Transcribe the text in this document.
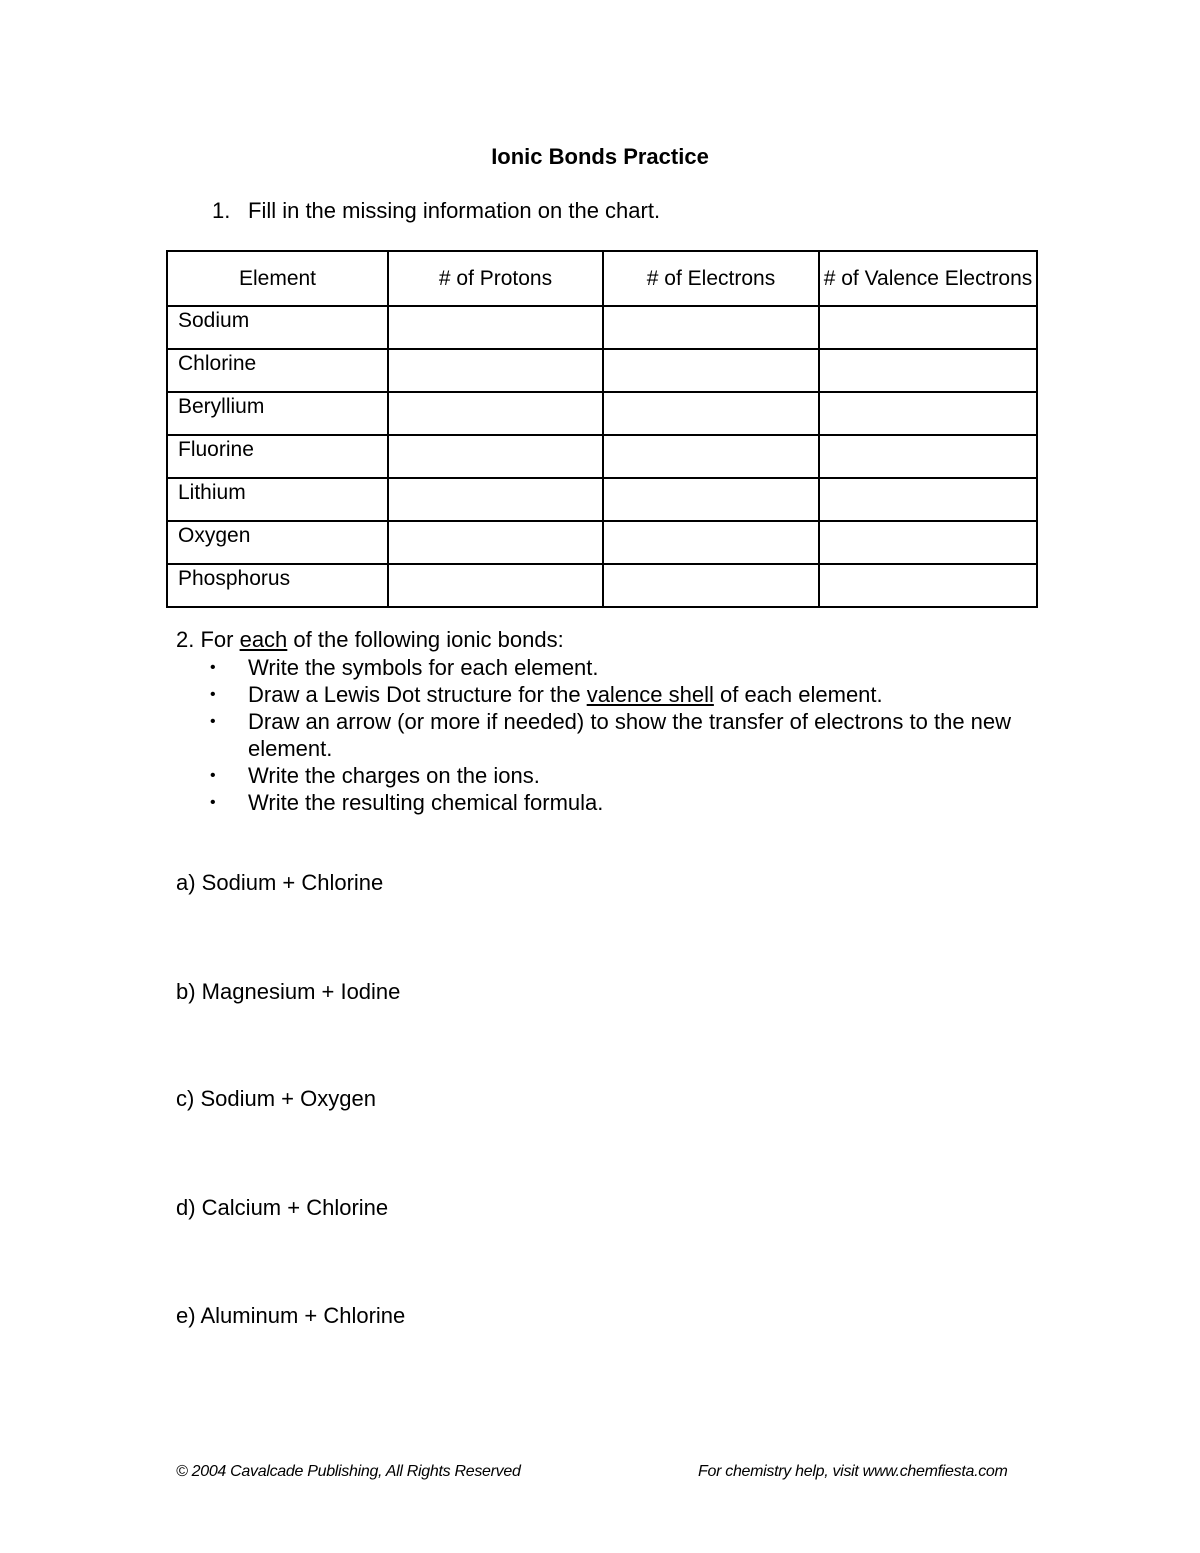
Ionic Bonds Practice
1. Fill in the missing information on the chart.
Element	# of Protons	# of Electrons	# of Valence Electrons
Sodium			
Chlorine			
Beryllium			
Fluorine			
Lithium			
Oxygen			
Phosphorus			
2. For each of the following ionic bonds:
• Write the symbols for each element.
• Draw a Lewis Dot structure for the valence shell of each element.
• Draw an arrow (or more if needed) to show the transfer of electrons to the new element.
• Write the charges on the ions.
• Write the resulting chemical formula.
a) Sodium + Chlorine
b) Magnesium + Iodine
c) Sodium + Oxygen
d) Calcium + Chlorine
e) Aluminum + Chlorine
© 2004 Cavalcade Publishing, All Rights Reserved	For chemistry help, visit www.chemfiesta.com
